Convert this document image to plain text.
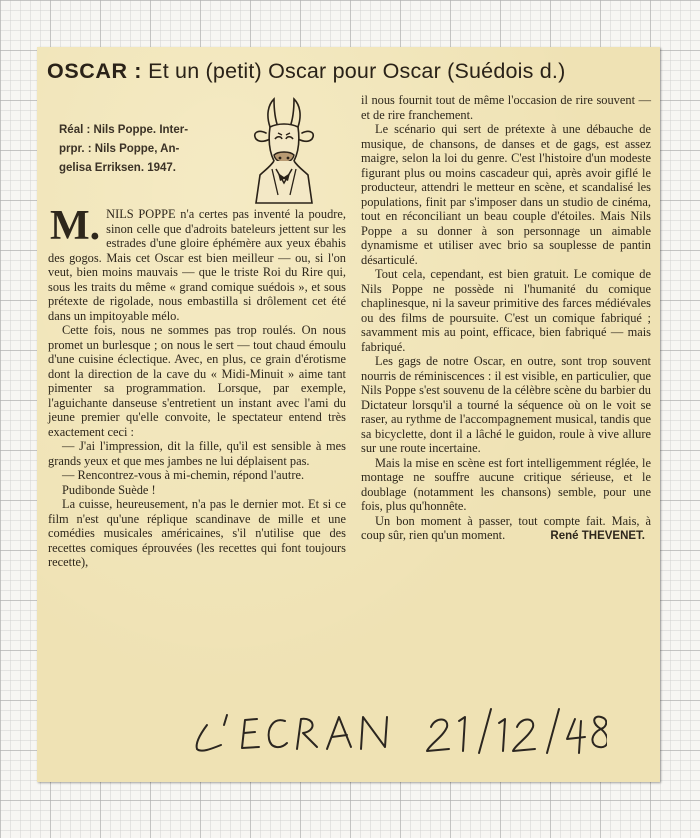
OSCAR : Et un (petit) Oscar pour Oscar (Suédois d.)
Réal : Nils Poppe. Inter-
prpr. : Nils Poppe, An-
gelisa Erriksen. 1947.

M. NILS POPPE n'a certes pas inventé la poudre, sinon celle que d'adroits bateleurs jettent sur les estrades d'une gloire éphémère aux yeux ébahis des gogos. Mais cet Oscar est bien meilleur — ou, si l'on veut, bien moins mauvais — que le triste Roi du Rire qui, sous les traits du même « grand comique suédois », et sous prétexte de rigolade, nous embastilla si drôlement cet été dans un impitoyable mélo.

Cette fois, nous ne sommes pas trop roulés. On nous promet un burlesque ; on nous le sert — tout chaud émoulu d'une cuisine éclectique. Avec, en plus, ce grain d'érotisme dont la direction de la cave du « Midi-Minuit » aime tant pimenter sa programmation. Lorsque, par exemple, l'aguichante danseuse s'entretient un instant avec l'ami du jeune premier qu'elle convoite, le spectateur entend très exactement ceci :

— J'ai l'impression, dit la fille, qu'il est sensible à mes grands yeux et que mes jambes ne lui déplaisent pas.

— Rencontrez-vous à mi-chemin, répond l'autre.

Pudibonde Suède !

La cuisse, heureusement, n'a pas le dernier mot. Et si ce film n'est qu'une réplique scandinave de mille et une comédies musicales américaines, s'il n'utilise que des recettes comiques éprouvées (les recettes qui font toujours recette),

il nous fournit tout de même l'occasion de rire souvent — et de rire franchement.

Le scénario qui sert de prétexte à une débauche de musique, de chansons, de danses et de gags, est assez maigre, selon la loi du genre. C'est l'histoire d'un modeste figurant plus ou moins cascadeur qui, après avoir giflé le producteur, attendri le metteur en scène, et scandalisé les populations, finit par s'imposer dans un studio de cinéma, tout en réconciliant un beau couple d'étoiles. Mais Nils Poppe a su donner à son personnage un aimable dynamisme et utiliser avec brio sa souplesse de pantin désarticulé.

Tout cela, cependant, est bien gratuit. Le comique de Nils Poppe ne possède ni l'humanité du comique chaplinesque, ni la saveur primitive des farces médiévales ou des films de poursuite. C'est un comique fabriqué ; savamment mis au point, efficace, bien fabriqué — mais fabriqué.

Les gags de notre Oscar, en outre, sont trop souvent nourris de réminiscences : il est visible, en particulier, que Nils Poppe s'est souvenu de la célèbre scène du barbier du Dictateur lorsqu'il a tourné la séquence où on le voit se raser, au rythme de l'accompagnement musical, tandis que sa bicyclette, dont il a lâché le guidon, roule à vive allure sur une route incertaine.

Mais la mise en scène est fort intelligemment réglée, le montage ne souffre aucune critique sérieuse, et le doublage (notamment les chansons) semble, pour une fois, plus qu'honnête.

Un bon moment à passer, tout compte fait. Mais, à coup sûr, rien qu'un moment.	René THEVENET.
